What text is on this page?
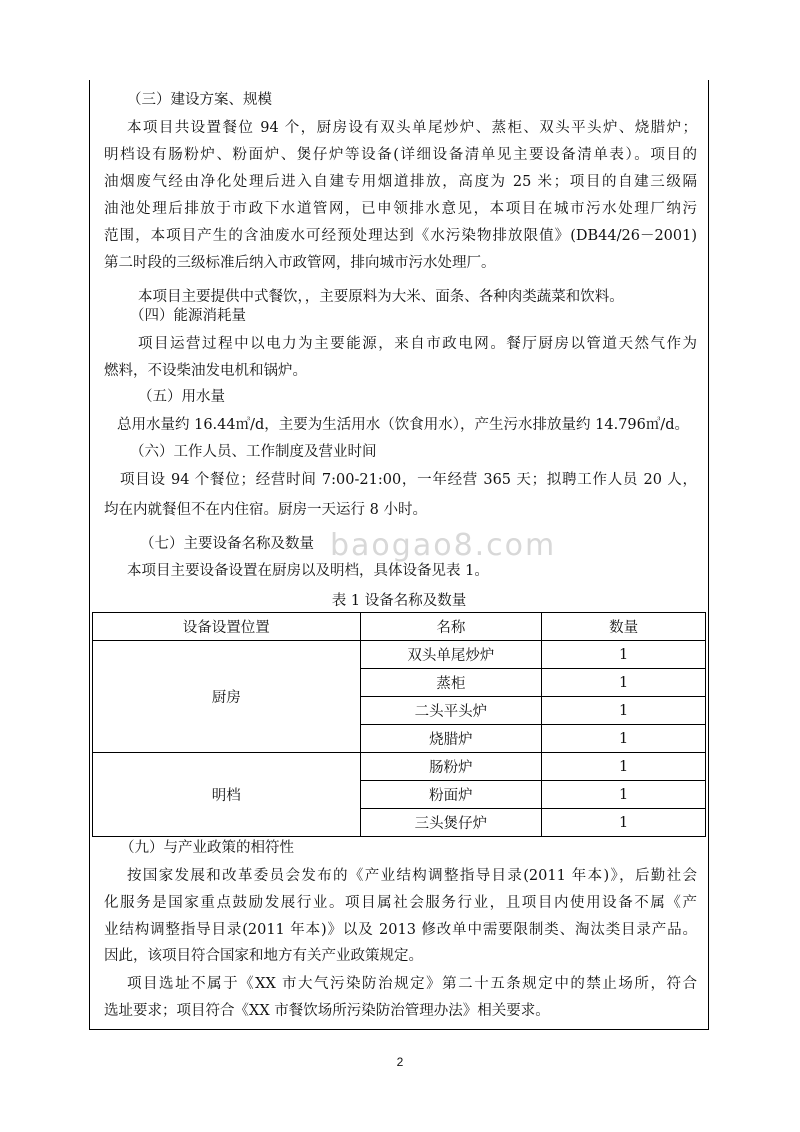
baogao8.com
（三）建设方案、规模
本项目共设置餐位 94 个，厨房设有双头单尾炒炉、蒸柜、双头平头炉、烧腊炉；
明档设有肠粉炉、粉面炉、煲仔炉等设备(详细设备清单见主要设备清单表）。项目的
油烟废气经由净化处理后进入自建专用烟道排放，高度为 25 米；项目的自建三级隔
油池处理后排放于市政下水道管网，已申领排水意见，本项目在城市污水处理厂纳污
范围，本项目产生的含油废水可经预处理达到《水污染物排放限值》(DB44/26－2001)
第二时段的三级标准后纳入市政管网，排向城市污水处理厂。
本项目主要提供中式餐饮，，主要原料为大米、面条、各种肉类蔬菜和饮料。
（四）能源消耗量
项目运营过程中以电力为主要能源，来自市政电网。餐厅厨房以管道天然气作为
燃料，不设柴油发电机和锅炉。
（五）用水量
总用水量约 16.44㎥/d，主要为生活用水（饮食用水），产生污水排放量约 14.796㎥/d。
（六）工作人员、工作制度及营业时间
项目设 94 个餐位；经营时间 7:00-21:00，一年经营 365 天；拟聘工作人员 20 人，
均在内就餐但不在内住宿。厨房一天运行 8 小时。
（七）主要设备名称及数量
本项目主要设备设置在厨房以及明档，具体设备见表 1。
表 1 设备名称及数量
设备设置位置	名称	数量
厨房	双头单尾炒炉	1
	蒸柜	1
	二头平头炉	1
	烧腊炉	1
明档	肠粉炉	1
	粉面炉	1
	三头煲仔炉	1
（九）与产业政策的相符性
按国家发展和改革委员会发布的《产业结构调整指导目录(2011 年本)》，后勤社会
化服务是国家重点鼓励发展行业。项目属社会服务行业，且项目内使用设备不属《产
业结构调整指导目录(2011 年本)》以及 2013 修改单中需要限制类、淘汰类目录产品。
因此，该项目符合国家和地方有关产业政策规定。
项目选址不属于《XX 市大气污染防治规定》第二十五条规定中的禁止场所，符合
选址要求；项目符合《XX 市餐饮场所污染防治管理办法》相关要求。
2
